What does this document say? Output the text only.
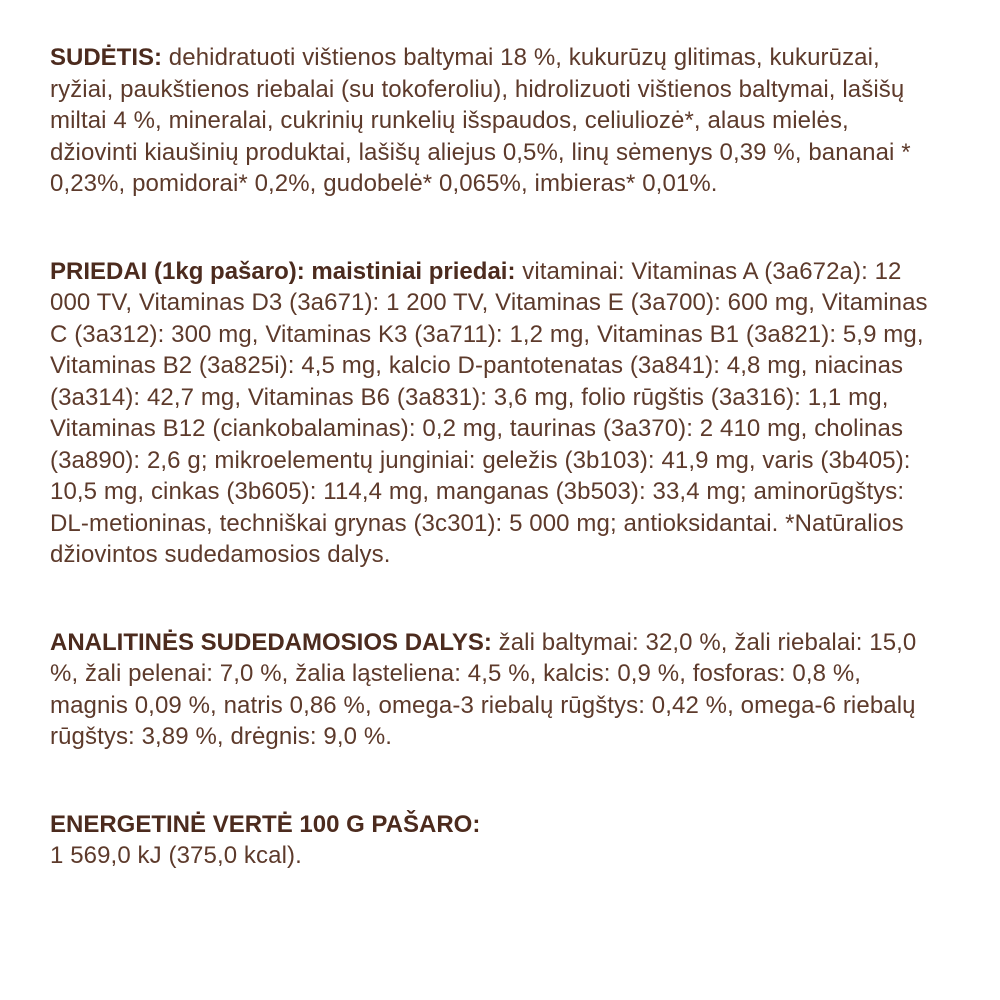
SUDĖTIS: dehidratuoti vištienos baltymai 18 %, kukurūzų glitimas, kukurūzai, ryžiai, paukštienos riebalai (su tokoferoliu), hidrolizuoti vištienos baltymai, lašišų miltai 4 %, mineralai, cukrinių runkelių išspaudos, celiuliozė*, alaus mielės, džiovinti kiaušinių produktai, lašišų aliejus 0,5%, linų sėmenys 0,39 %, bananai * 0,23%, pomidorai* 0,2%, gudobelė* 0,065%, imbieras* 0,01%.

PRIEDAI (1kg pašaro): maistiniai priedai: vitaminai: Vitaminas A (3a672a): 12 000 TV, Vitaminas D3 (3a671): 1 200 TV, Vitaminas E (3a700): 600 mg, Vitaminas C (3a312): 300 mg, Vitaminas K3 (3a711): 1,2 mg, Vitaminas B1 (3a821): 5,9 mg, Vitaminas B2 (3a825i): 4,5 mg, kalcio D-pantotenatas (3a841): 4,8 mg, niacinas (3a314): 42,7 mg, Vitaminas B6 (3a831): 3,6 mg, folio rūgštis (3a316): 1,1 mg, Vitaminas B12 (ciankobalaminas): 0,2 mg, taurinas (3a370): 2 410 mg, cholinas (3a890): 2,6 g; mikroelementų junginiai: geležis (3b103): 41,9 mg, varis (3b405): 10,5 mg, cinkas (3b605): 114,4 mg, manganas (3b503): 33,4 mg; aminorūgštys: DL-metioninas, techniškai grynas (3c301): 5 000 mg; antioksidantai. *Natūralios džiovintos sudedamosios dalys.

ANALITINĖS SUDEDAMOSIOS DALYS: žali baltymai: 32,0 %, žali riebalai: 15,0 %, žali pelenai: 7,0 %, žalia ląsteliena: 4,5 %, kalcis: 0,9 %, fosforas: 0,8 %, magnis 0,09 %, natris 0,86 %, omega-3 riebalų rūgštys: 0,42 %, omega-6 riebalų rūgštys: 3,89 %, drėgnis: 9,0 %.

ENERGETINĖ VERTĖ 100 G PAŠARO:
1 569,0 kJ (375,0 kcal).
